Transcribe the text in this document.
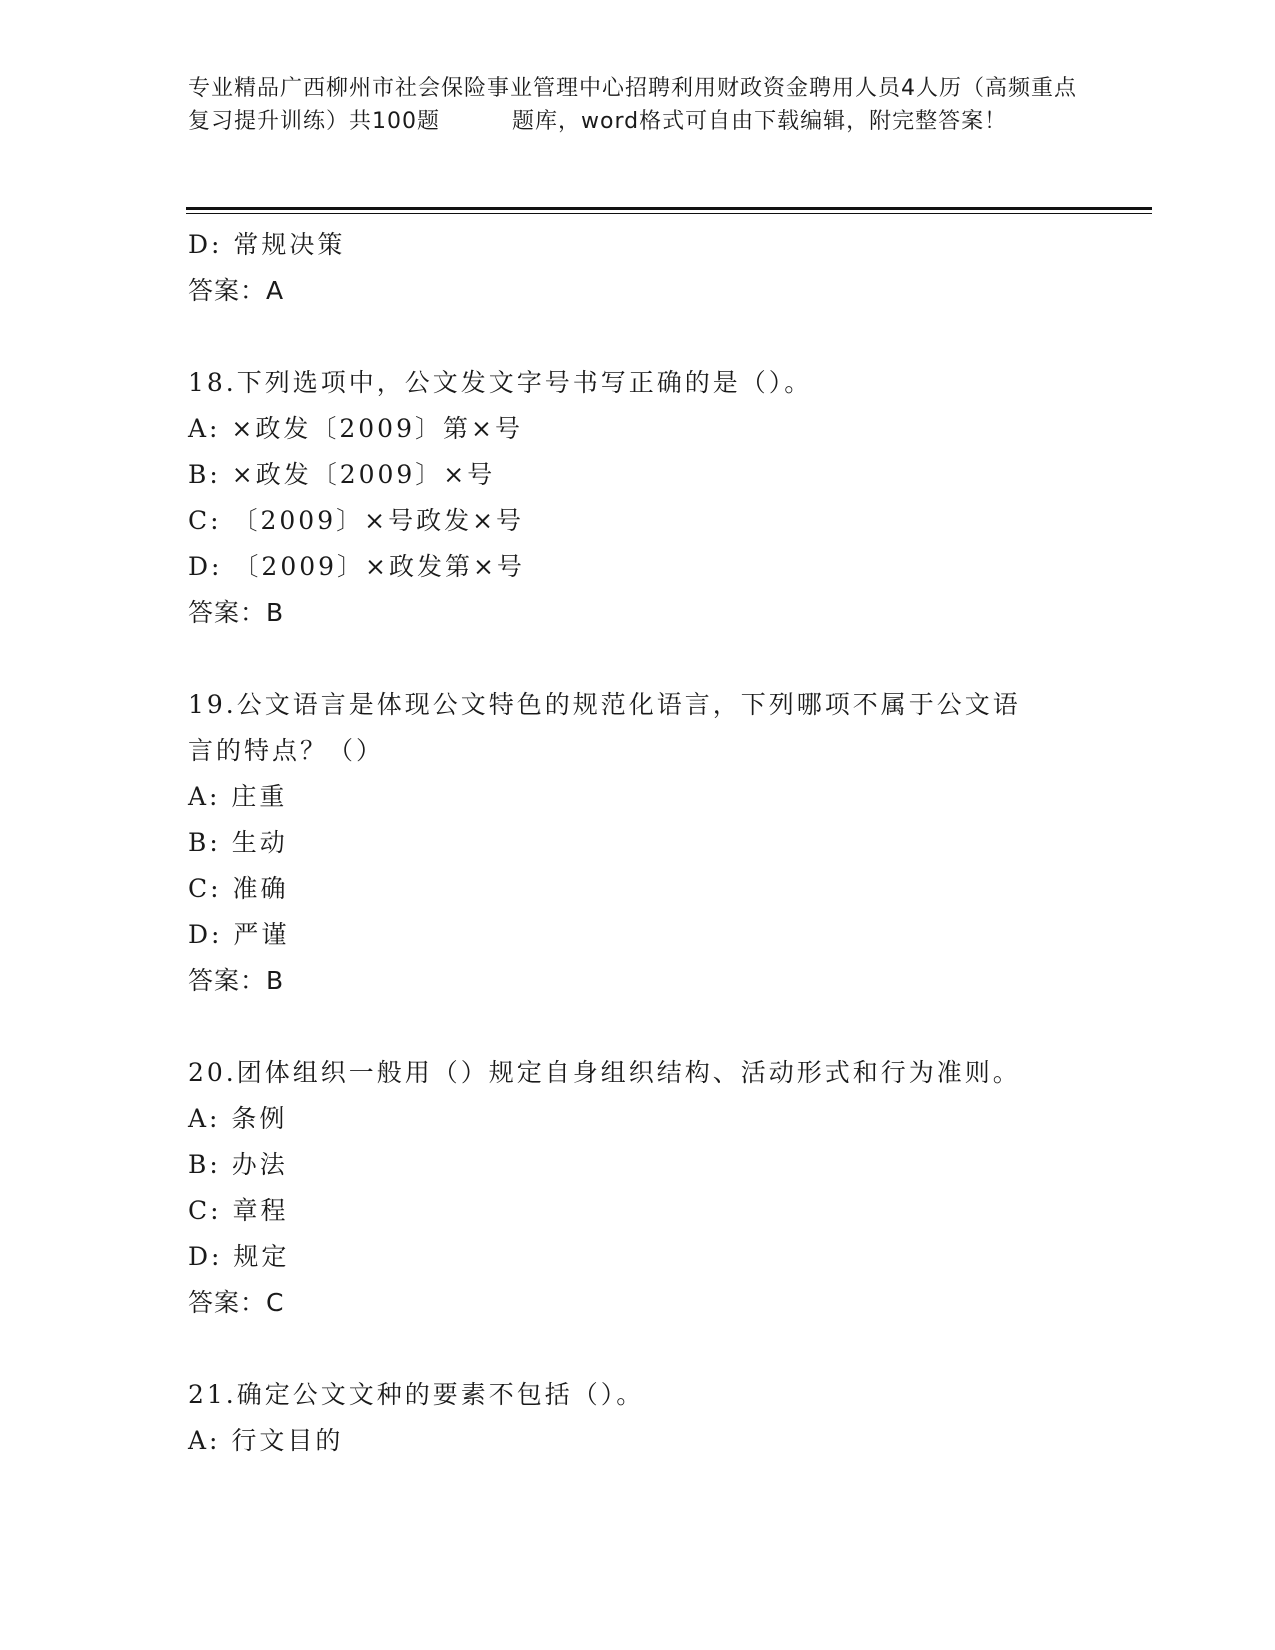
专业精品广西柳州市社会保险事业管理中心招聘利用财政资金聘用人员4人历（高频重点复习提升训练）共100题	题库，word格式可自由下载编辑，附完整答案！
D: 常规决策
答案：A
18.下列选项中，公文发文字号书写正确的是（）。
A: ×政发〔2009〕第×号
B: ×政发〔2009〕×号
C: 〔2009〕×号政发×号
D: 〔2009〕×政发第×号
答案：B
19.公文语言是体现公文特色的规范化语言，下列哪项不属于公文语言的特点？（）
A: 庄重
B: 生动
C: 准确
D: 严谨
答案：B
20.团体组织一般用（）规定自身组织结构、活动形式和行为准则。
A: 条例
B: 办法
C: 章程
D: 规定
答案：C
21.确定公文文种的要素不包括（）。
A: 行文目的
